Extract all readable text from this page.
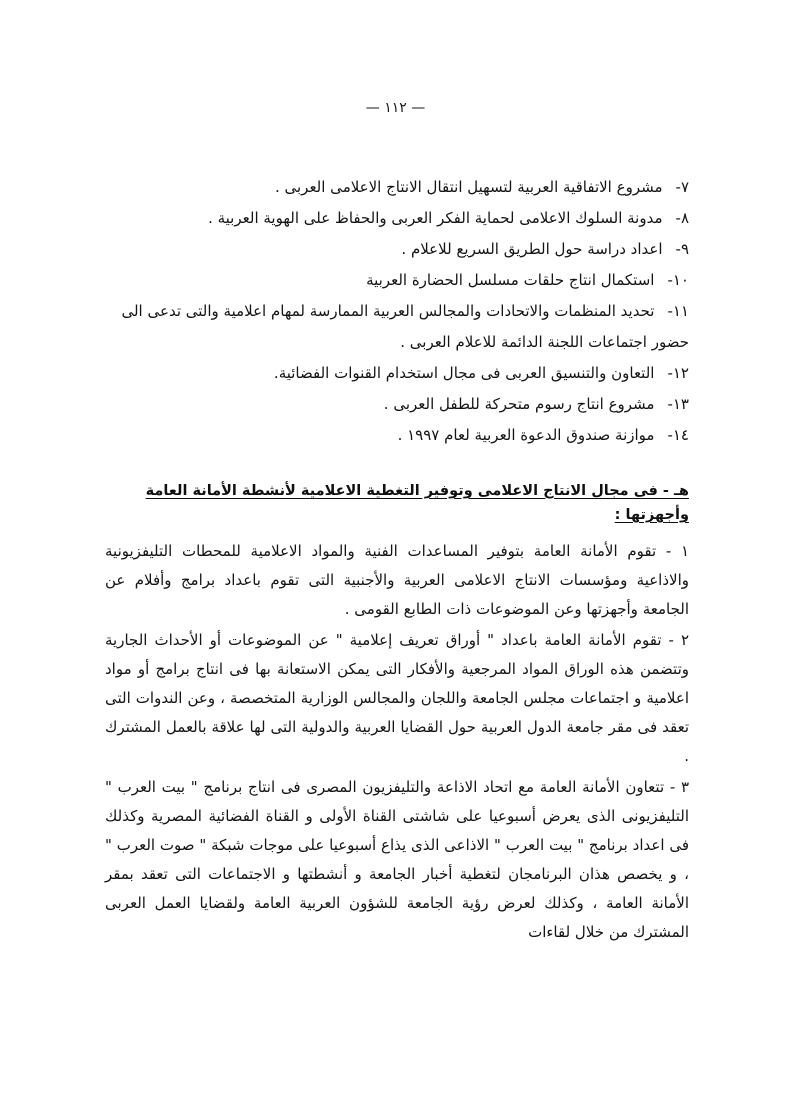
— ١١٢ —
٧-مشروع الاتفاقية العربية لتسهيل انتقال الانتاج الاعلامى العربى .
٨-مدونة السلوك الاعلامى لحماية الفكر العربى والحفاظ على الهوية العربية .
٩-اعداد دراسة حول الطريق السريع للاعلام .
١٠-استكمال انتاج حلقات مسلسل الحضارة العربية
١١-تحديد المنظمات والاتحادات والمجالس العربية الممارسة لمهام اعلامية والتى تدعى الى حضور اجتماعات اللجنة الدائمة للاعلام العربى .
١٢-التعاون والتنسيق العربى فى مجال استخدام القنوات الفضائية.
١٣-مشروع انتاج رسوم متحركة للطفل العربى .
١٤-موازنة صندوق الدعوة العربية لعام ١٩٩٧ .
هـ - فى مجال الانتاج الاعلامى وتوفير التغطية الاعلامية لأنشطة الأمانة العامة وأجهزتها :

١ - تقوم الأمانة العامة بتوفير المساعدات الفنية والمواد الاعلامية للمحطات التليفزيونية والاذاعية ومؤسسات الانتاج الاعلامى العربية والأجنبية التى تقوم باعداد برامج وأفلام عن الجامعة وأجهزتها وعن الموضوعات ذات الطابع القومى .

٢ - تقوم الأمانة العامة باعداد " أوراق تعريف إعلامية " عن الموضوعات أو الأحداث الجارية وتتضمن هذه الوراق المواد المرجعية والأفكار التى يمكن الاستعانة بها فى انتاج برامج أو مواد اعلامية و اجتماعات مجلس الجامعة واللجان والمجالس الوزارية المتخصصة ، وعن الندوات التى تعقد فى مقر جامعة الدول العربية حول القضايا العربية والدولية التى لها علاقة بالعمل المشترك .

٣ - تتعاون الأمانة العامة مع اتحاد الاذاعة والتليفزيون المصرى فى انتاج برنامج " بيت العرب " التليفزيونى الذى يعرض أسبوعيا على شاشتى القناة الأولى و القناة الفضائية المصرية وكذلك فى اعداد برنامج " بيت العرب " الاذاعى الذى يذاع أسبوعيا على موجات شبكة " صوت العرب " ، و يخصص هذان البرنامجان لتغطية أخبار الجامعة و أنشطتها و الاجتماعات التى تعقد بمقر الأمانة العامة ، وكذلك لعرض رؤية الجامعة للشؤون العربية العامة ولقضايا العمل العربى المشترك من خلال لقاءات
